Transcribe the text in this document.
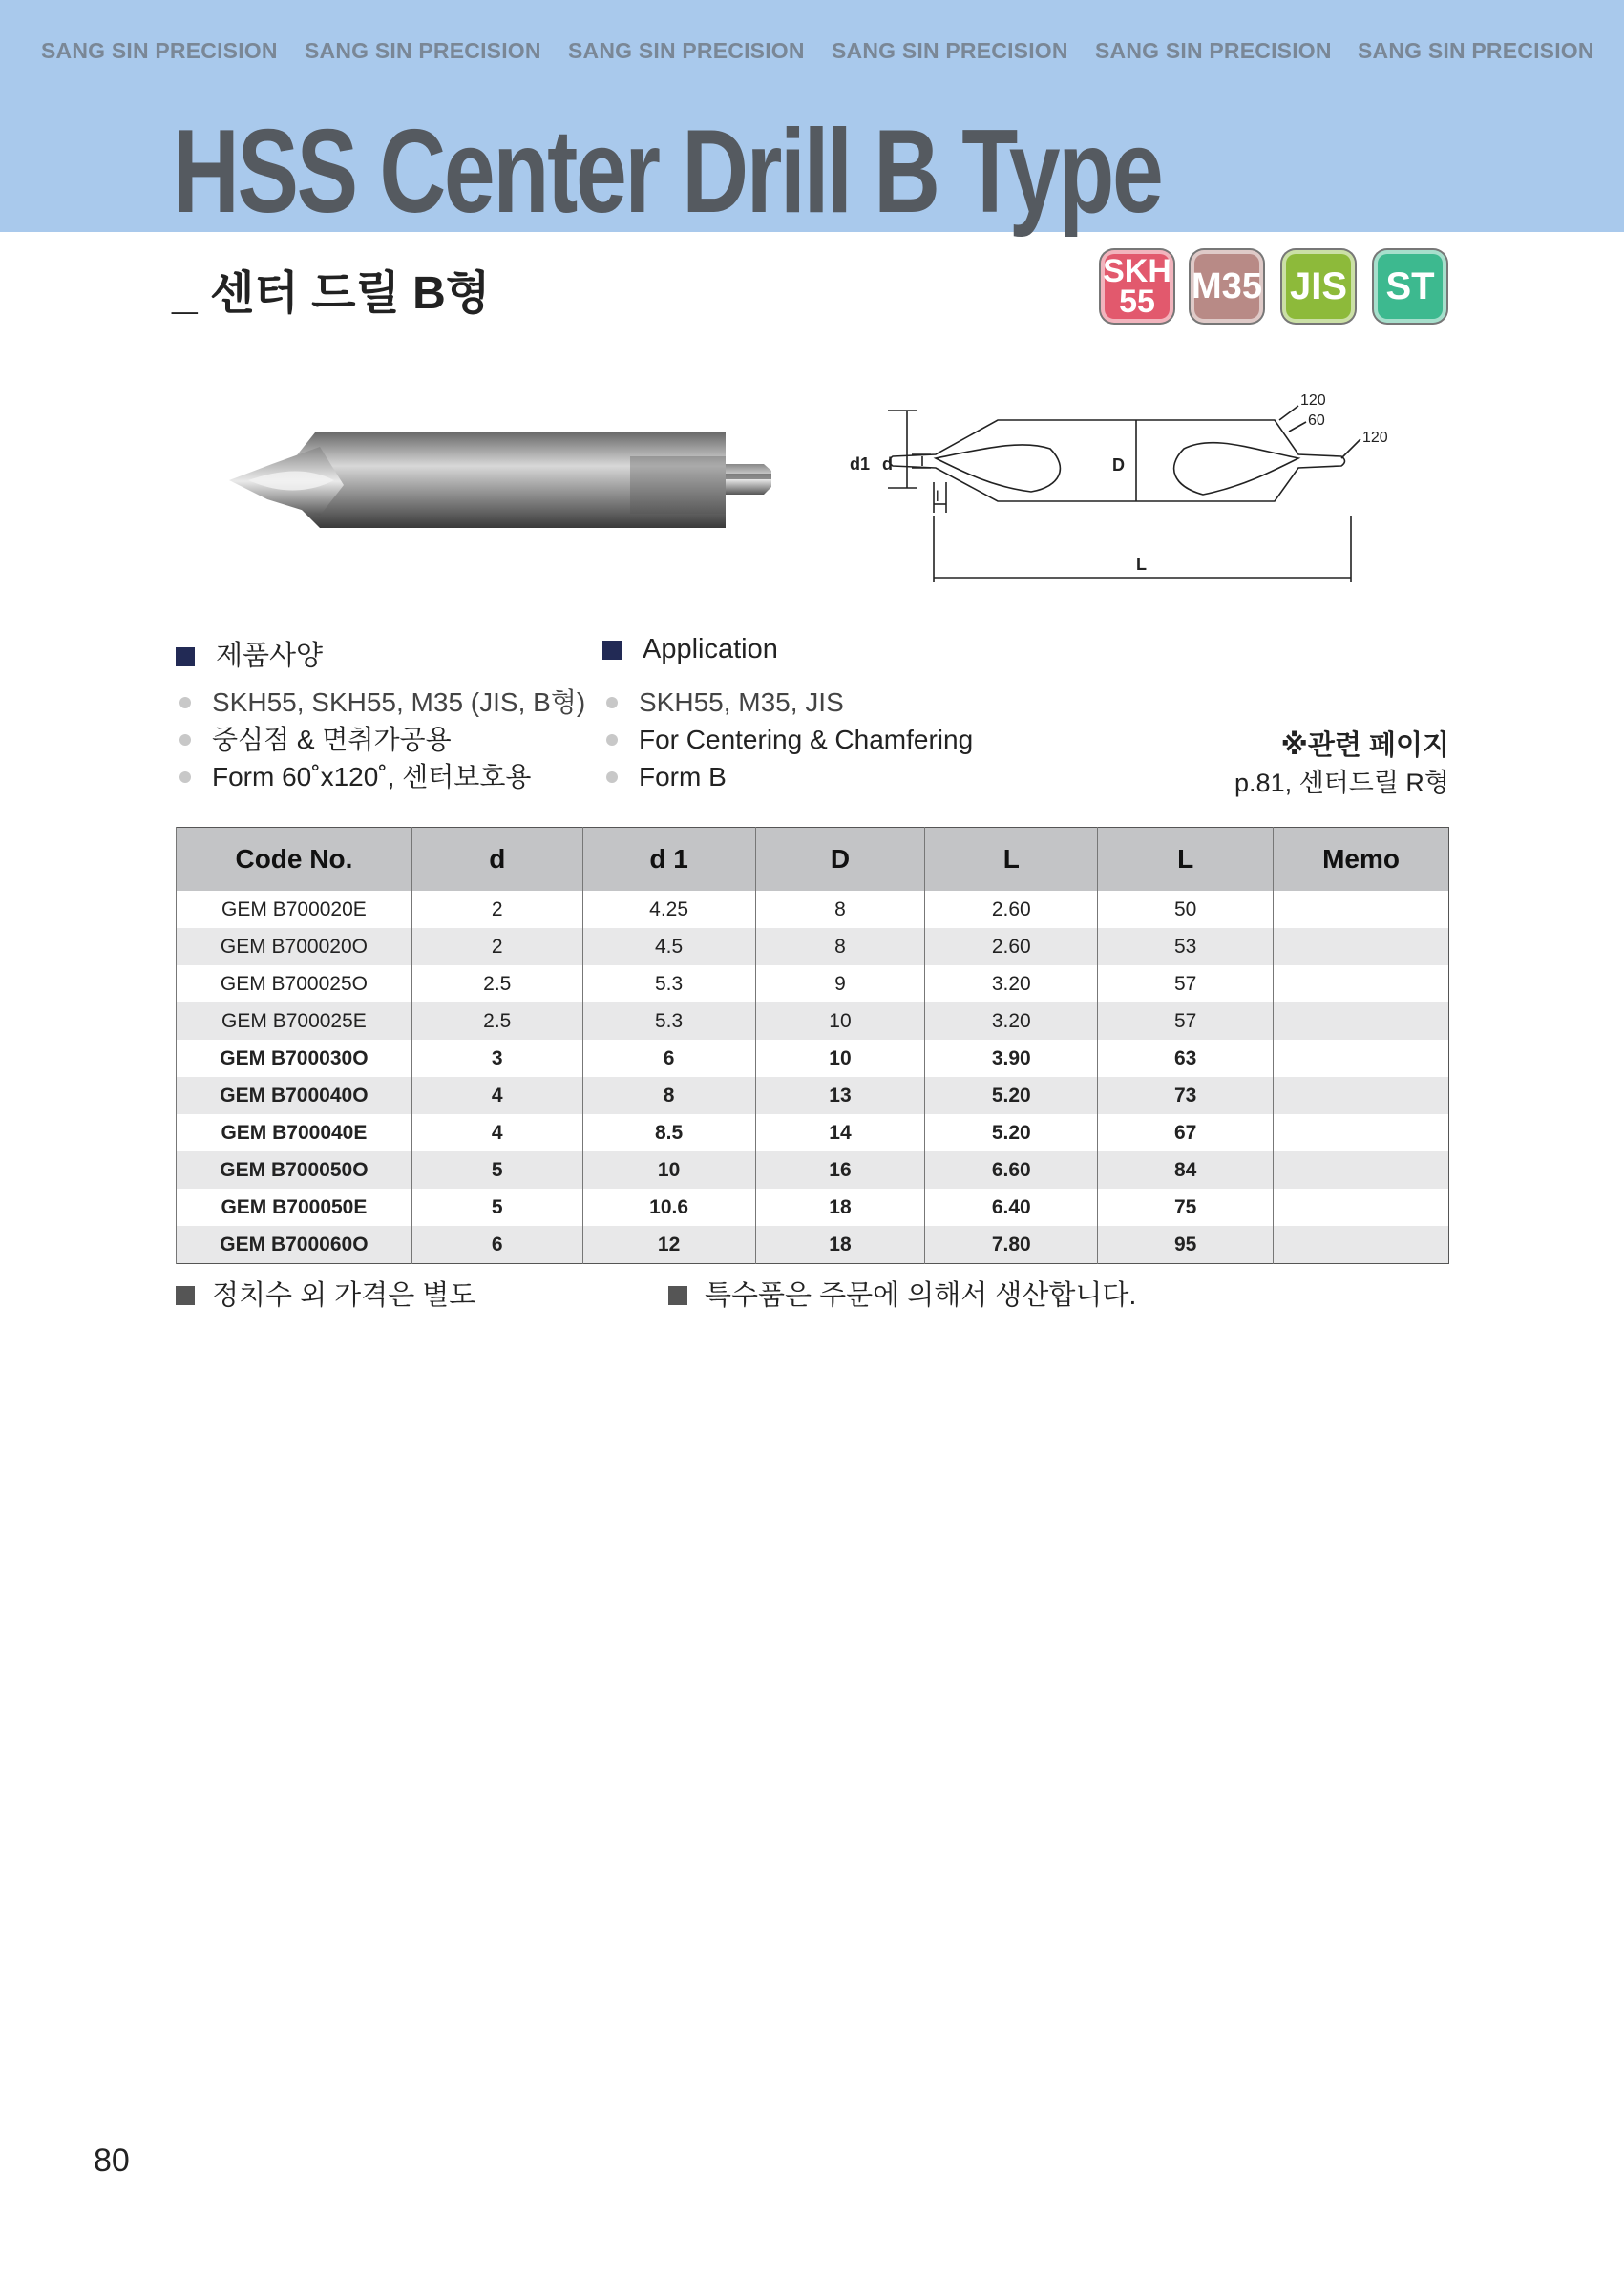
SANG SIN PRECISION SANG SIN PRECISION SANG SIN PRECISION SANG SIN PRECISION SANG SIN PRECISION SANG SIN PRECISION
HSS Center Drill B Type
_ 센터 드릴 B형	SKH
55	M35 JIS	ST
d1 d	D
l
L
120
60
120
제품사양
SKH55, SKH55, M35 (JIS, B형)
중심점 & 면취가공용
Form 60˚x120˚, 센터보호용
Application
SKH55, M35, JIS
For Centering & Chamfering
Form B
※관련 페이지
p.81, 센터드릴 R형
Code No.	d	d 1	D	L	L	Memo
GEM B700020E	2	4.25	8	2.60	50	
GEM B700020O	2	4.5	8	2.60	53	
GEM B700025O	2.5	5.3	9	3.20	57	
GEM B700025E	2.5	5.3	10	3.20	57	
GEM B700030O	3	6	10	3.90	63	
GEM B700040O	4	8	13	5.20	73	
GEM B700040E	4	8.5	14	5.20	67	
GEM B700050O	5	10	16	6.60	84	
GEM B700050E	5	10.6	18	6.40	75	
GEM B700060O	6	12	18	7.80	95	
정치수 외 가격은 별도	특수품은 주문에 의해서 생산합니다.
80
